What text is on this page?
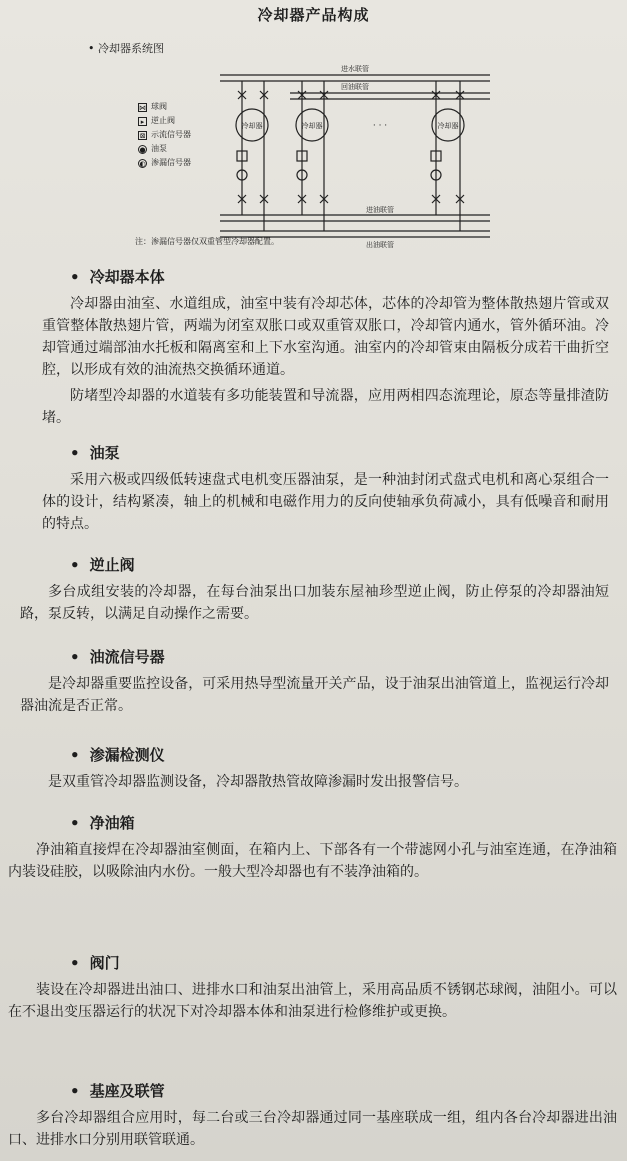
冷却器产品构成
• 冷却器系统图
冷却器	冷却器	冷却器
· · ·
进水联管
回油联管
进油联管
出油联管
⋈ 球阀
▸ 逆止阀
⊠ 示流信号器
● 油泵
◐ 渗漏信号器
注：渗漏信号器仅双重管型冷却器配置。
• 冷却器本体

冷却器由油室、水道组成，油室中装有冷却芯体，芯体的冷却管为整体散热翅片管或双重管整体散热翅片管，两端为闭室双胀口或双重管双胀口，冷却管内通水，管外循环油。冷却管通过端部油水托板和隔离室和上下水室沟通。油室内的冷却管束由隔板分成若干曲折空腔，以形成有效的油流热交换循环通道。

防堵型冷却器的水道装有多功能装置和导流器，应用两相四态流理论，原态等量排渣防堵。

• 油泵

采用六极或四级低转速盘式电机变压器油泵，是一种油封闭式盘式电机和离心泵组合一体的设计，结构紧凑，轴上的机械和电磁作用力的反向使轴承负荷减小，具有低噪音和耐用的特点。

• 逆止阀

多台成组安装的冷却器，在每台油泵出口加装东屋袖珍型逆止阀，防止停泵的冷却器油短路，泵反转，以满足自动操作之需要。

• 油流信号器

是冷却器重要监控设备，可采用热导型流量开关产品，设于油泵出油管道上，监视运行冷却器油流是否正常。

• 渗漏检测仪

是双重管冷却器监测设备，冷却器散热管故障渗漏时发出报警信号。

• 净油箱

净油箱直接焊在冷却器油室侧面，在箱内上、下部各有一个带滤网小孔与油室连通，在净油箱内装设硅胶，以吸除油内水份。一般大型冷却器也有不装净油箱的。

• 阀门

装设在冷却器进出油口、进排水口和油泵出油管上，采用高品质不锈钢芯球阀，油阻小。可以在不退出变压器运行的状况下对冷却器本体和油泵进行检修维护或更换。

• 基座及联管

多台冷却器组合应用时，每二台或三台冷却器通过同一基座联成一组，组内各台冷却器进出油口、进排水口分别用联管联通。
